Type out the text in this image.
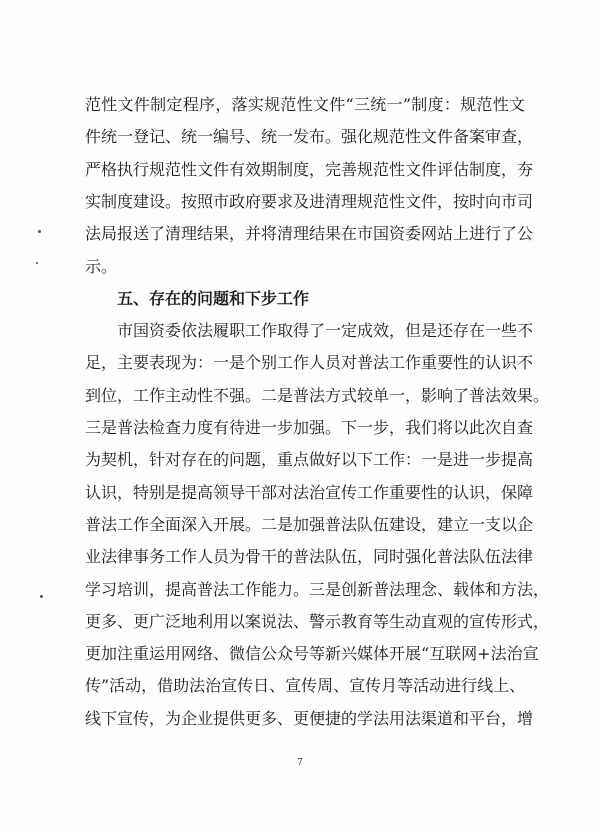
范性文件制定程序，落实规范性文件“三统一”制度：规范性文
件统一登记、统一编号、统一发布。强化规范性文件备案审查，
严格执行规范性文件有效期制度，完善规范性文件评估制度，夯
实制度建设。按照市政府要求及进清理规范性文件，按时向市司
法局报送了清理结果，并将清理结果在市国资委网站上进行了公
示。
五、存在的问题和下步工作
市国资委依法履职工作取得了一定成效，但是还存在一些不
足，主要表现为：一是个别工作人员对普法工作重要性的认识不
到位，工作主动性不强。二是普法方式较单一，影响了普法效果。
三是普法检查力度有待进一步加强。下一步，我们将以此次自查
为契机，针对存在的问题，重点做好以下工作：一是进一步提高
认识，特别是提高领导干部对法治宣传工作重要性的认识，保障
普法工作全面深入开展。二是加强普法队伍建设，建立一支以企
业法律事务工作人员为骨干的普法队伍，同时强化普法队伍法律
学习培训，提高普法工作能力。三是创新普法理念、载体和方法，
更多、更广泛地利用以案说法、警示教育等生动直观的宣传形式，
更加注重运用网络、微信公众号等新兴媒体开展“互联网+法治宣
传”活动，借助法治宣传日、宣传周、宣传月等活动进行线上、
线下宣传，为企业提供更多、更便捷的学法用法渠道和平台，增
7
